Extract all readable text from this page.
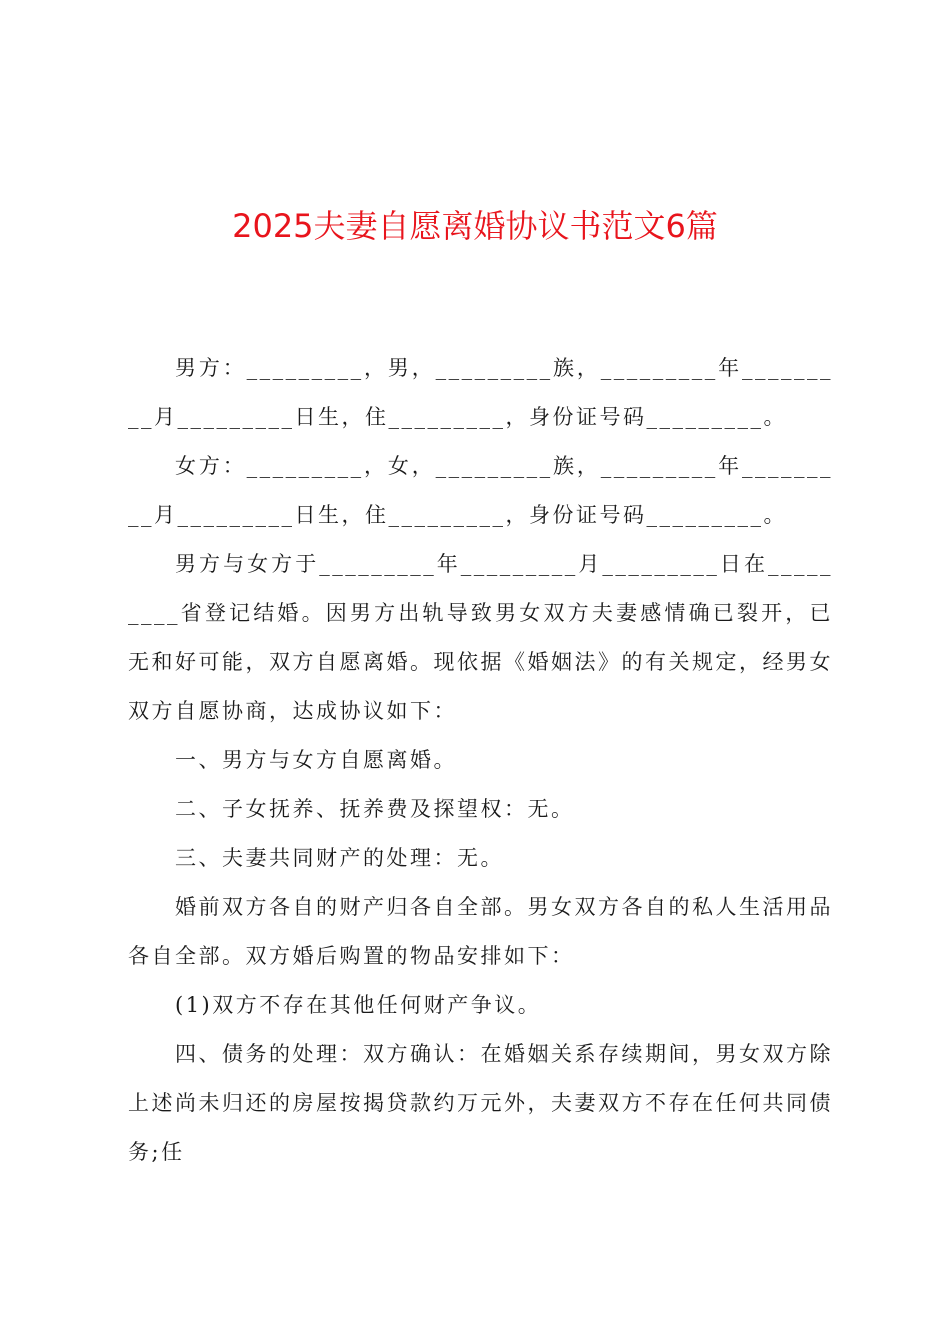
2025夫妻自愿离婚协议书范文6篇

男方：_________，男，_________族，_________年_________月_________日生，住_________，身份证号码_________。

女方：_________，女，_________族，_________年_________月_________日生，住_________，身份证号码_________。

男方与女方于_________年_________月_________日在_________省登记结婚。因男方出轨导致男女双方夫妻感情确已裂开，已无和好可能，双方自愿离婚。现依据《婚姻法》的有关规定，经男女双方自愿协商，达成协议如下：

一、男方与女方自愿离婚。

二、子女抚养、抚养费及探望权：无。

三、夫妻共同财产的处理：无。

婚前双方各自的财产归各自全部。男女双方各自的私人生活用品各自全部。双方婚后购置的物品安排如下：

(1)双方不存在其他任何财产争议。

四、债务的处理：双方确认：在婚姻关系存续期间，男女双方除上述尚未归还的房屋按揭贷款约万元外，夫妻双方不存在任何共同债务;任
